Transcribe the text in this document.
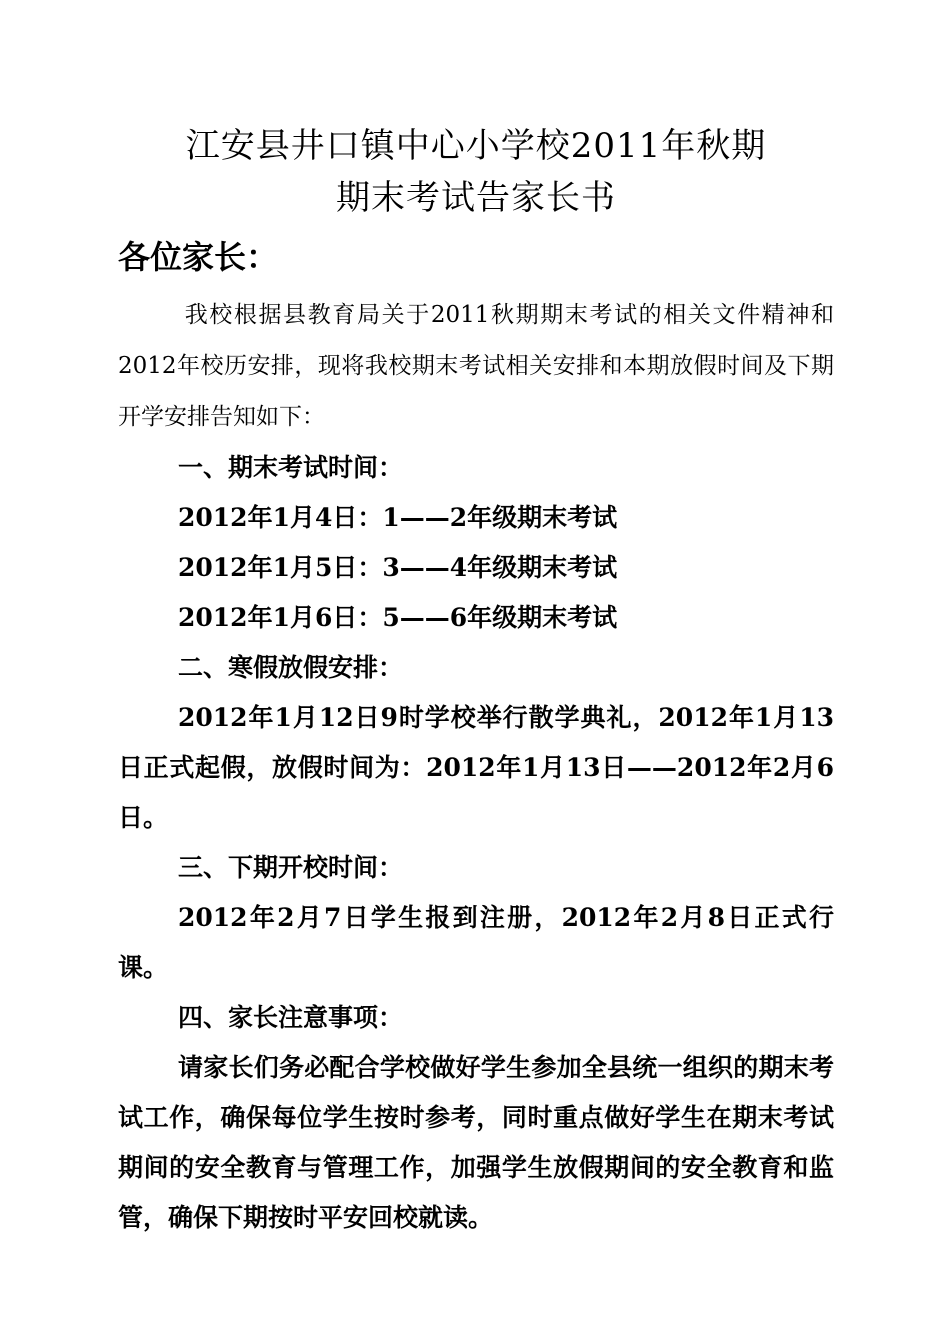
江安县井口镇中心小学校2011年秋期
期末考试告家长书

各位家长：

我校根据县教育局关于2011秋期期末考试的相关文件精神和2012年校历安排，现将我校期末考试相关安排和本期放假时间及下期开学安排告知如下：

一、期末考试时间：

2012年1月4日：1——2年级期末考试

2012年1月5日：3——4年级期末考试

2012年1月6日：5——6年级期末考试

二、寒假放假安排：

2012年1月12日9时学校举行散学典礼，2012年1月13日正式起假，放假时间为：2012年1月13日——2012年2月6日。

三、下期开校时间：

2012年2月7日学生报到注册，2012年2月8日正式行课。

四、家长注意事项：

请家长们务必配合学校做好学生参加全县统一组织的期末考试工作，确保每位学生按时参考，同时重点做好学生在期末考试期间的安全教育与管理工作，加强学生放假期间的安全教育和监管，确保下期按时平安回校就读。
